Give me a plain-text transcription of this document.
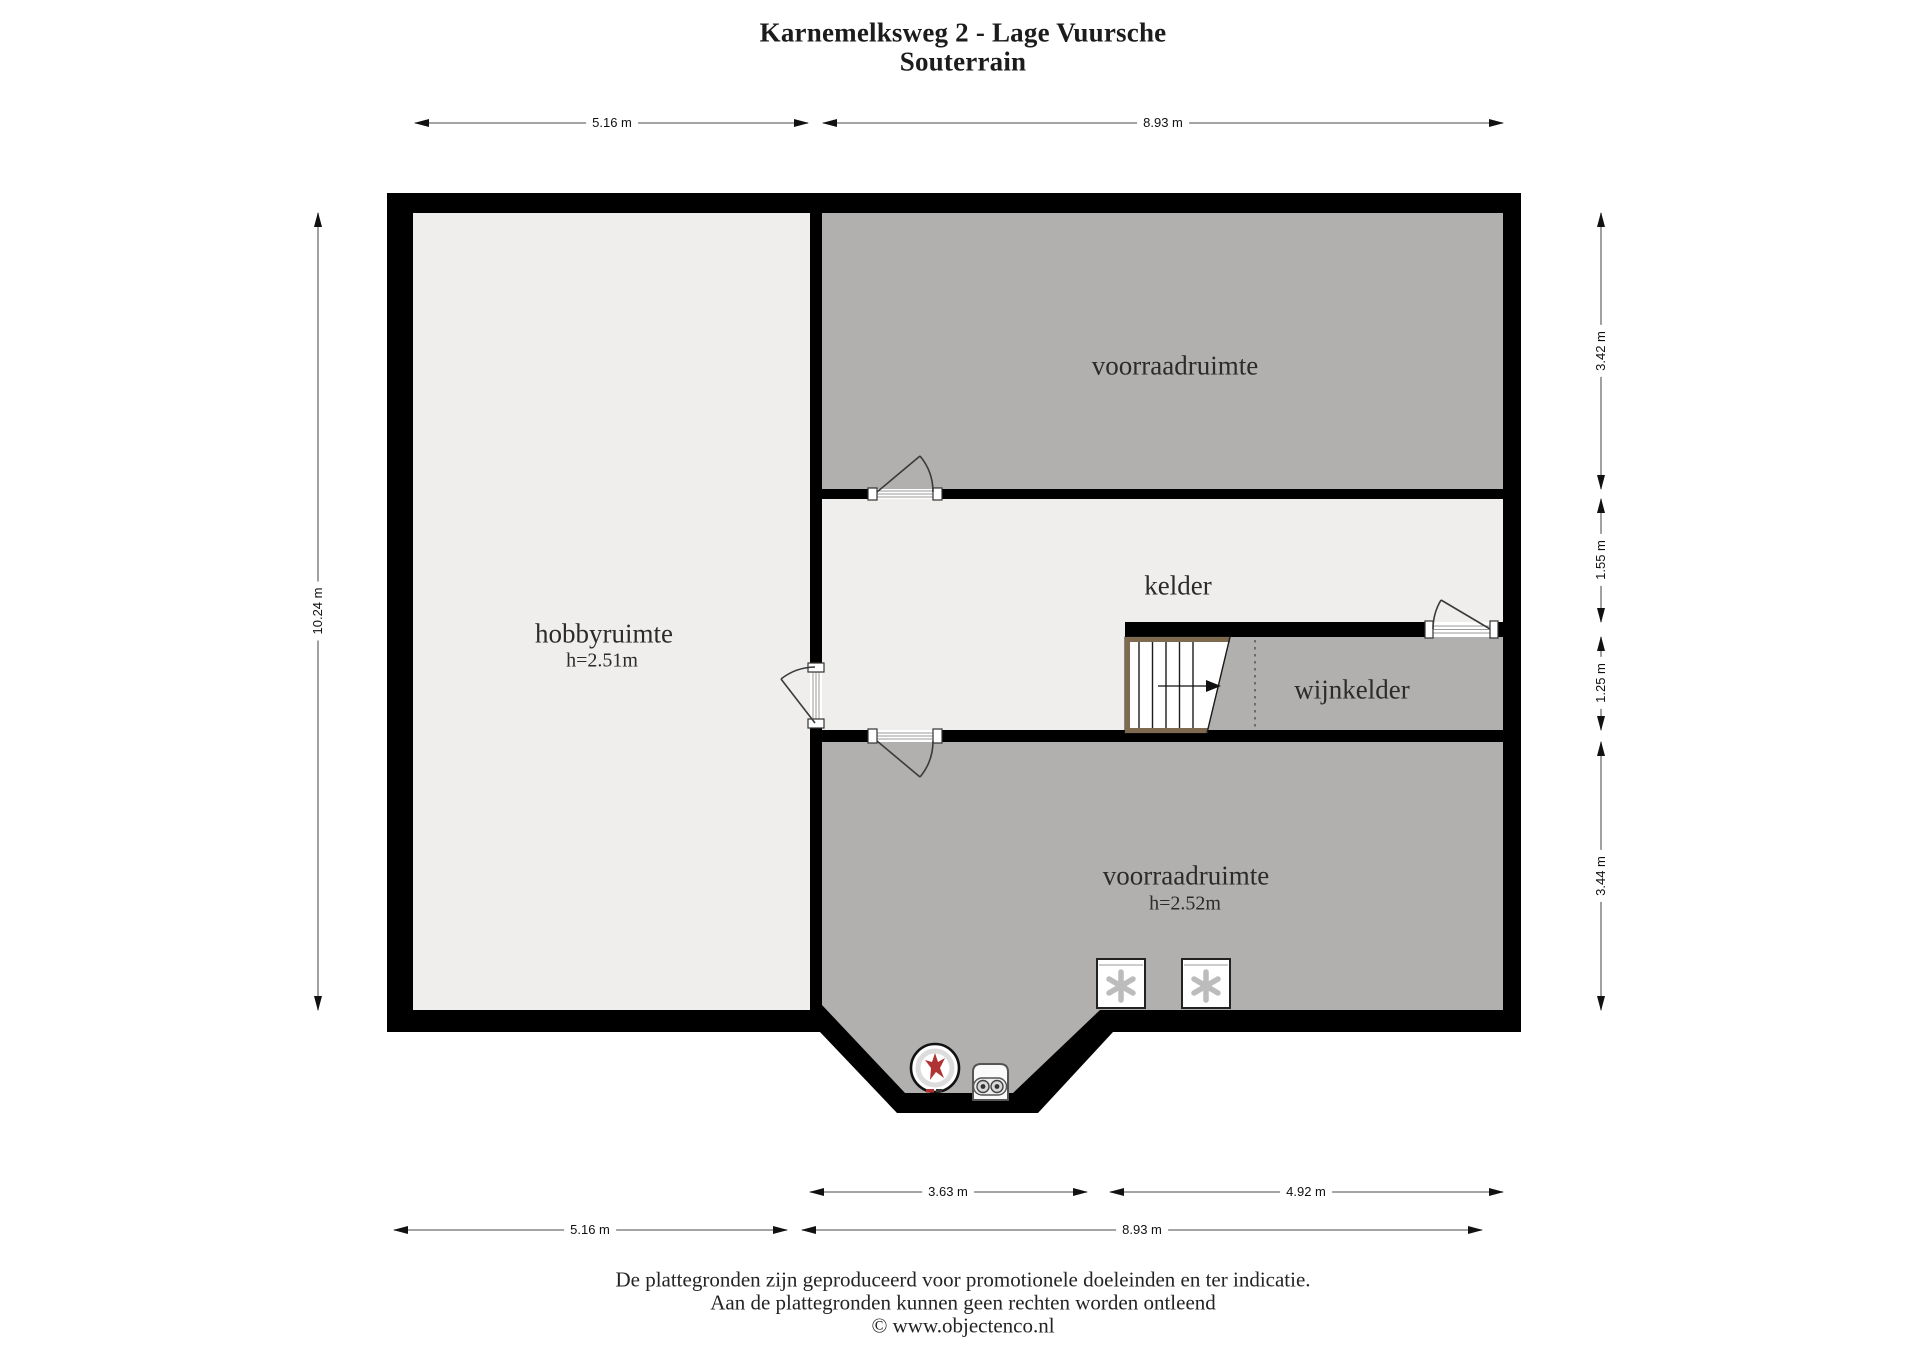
Karnemelksweg 2 - Lage Vuursche
Souterrain
voorraadruimte
kelder
wijnkelder
hobbyruimte
h=2.51m
voorraadruimte
h=2.52m
5.16 m	8.93 m
10.24 m
3.42 m
1.55 m
1.25 m
3.44 m
3.63 m	4.92 m
5.16 m	8.93 m
De plattegronden zijn geproduceerd voor promotionele doeleinden en ter indicatie.
Aan de plattegronden kunnen geen rechten worden ontleend
© www.objectenco.nl
